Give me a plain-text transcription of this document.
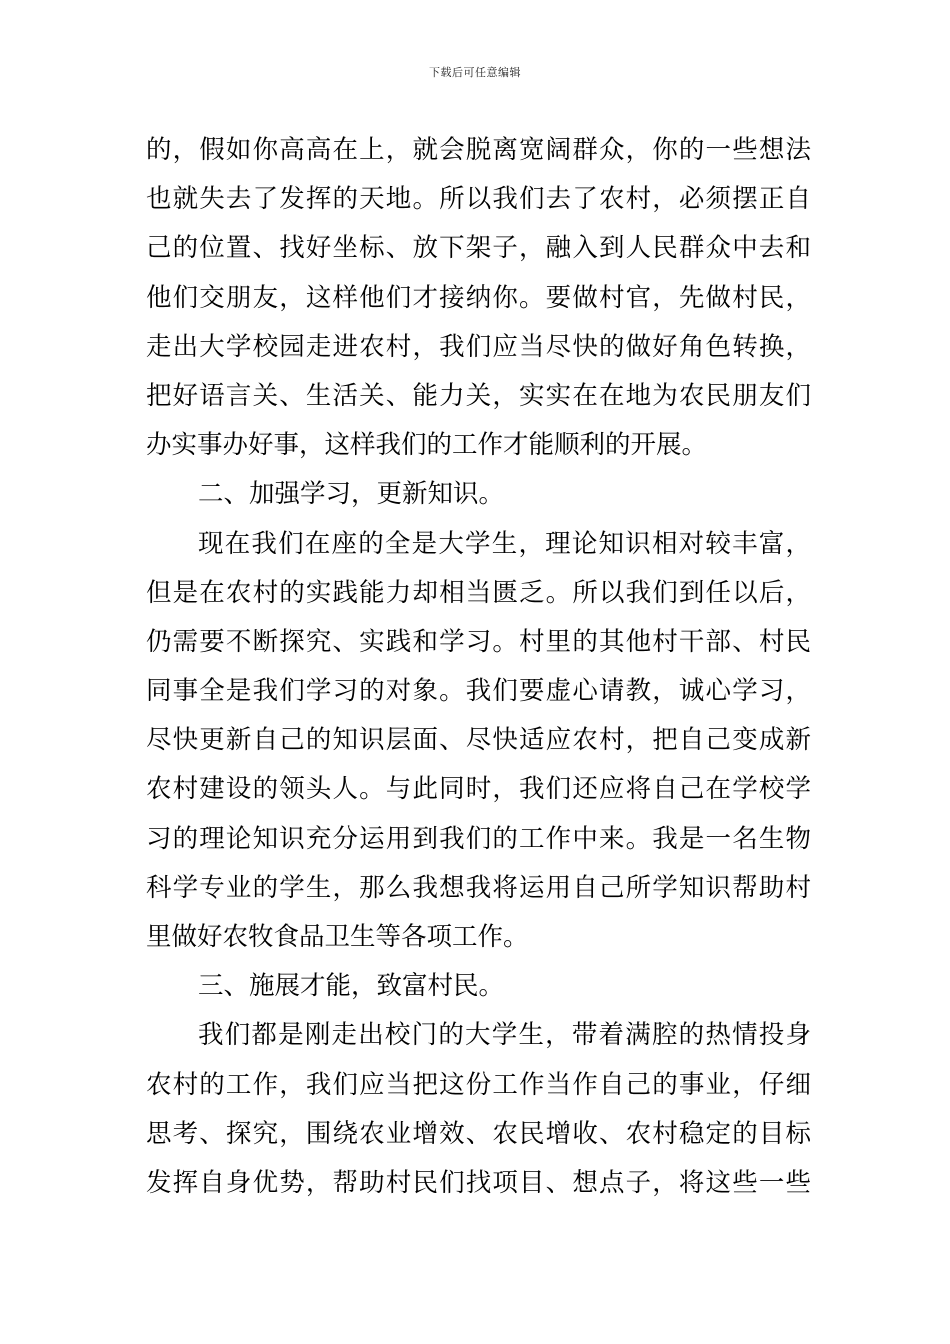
下载后可任意编辑
的，假如你高高在上，就会脱离宽阔群众，你的一些想法
也就失去了发挥的天地。所以我们去了农村，必须摆正自
己的位置、找好坐标、放下架子，融入到人民群众中去和
他们交朋友，这样他们才接纳你。要做村官，先做村民，
走出大学校园走进农村，我们应当尽快的做好角色转换，
把好语言关、生活关、能力关，实实在在地为农民朋友们
办实事办好事，这样我们的工作才能顺利的开展。
二、加强学习，更新知识。
现在我们在座的全是大学生，理论知识相对较丰富，
但是在农村的实践能力却相当匮乏。所以我们到任以后，
仍需要不断探究、实践和学习。村里的其他村干部、村民
同事全是我们学习的对象。我们要虚心请教，诚心学习，
尽快更新自己的知识层面、尽快适应农村，把自己变成新
农村建设的领头人。与此同时，我们还应将自己在学校学
习的理论知识充分运用到我们的工作中来。我是一名生物
科学专业的学生，那么我想我将运用自己所学知识帮助村
里做好农牧食品卫生等各项工作。
三、施展才能，致富村民。
我们都是刚走出校门的大学生，带着满腔的热情投身
农村的工作，我们应当把这份工作当作自己的事业，仔细
思考、探究，围绕农业增效、农民增收、农村稳定的目标
发挥自身优势，帮助村民们找项目、想点子，将这些一些
